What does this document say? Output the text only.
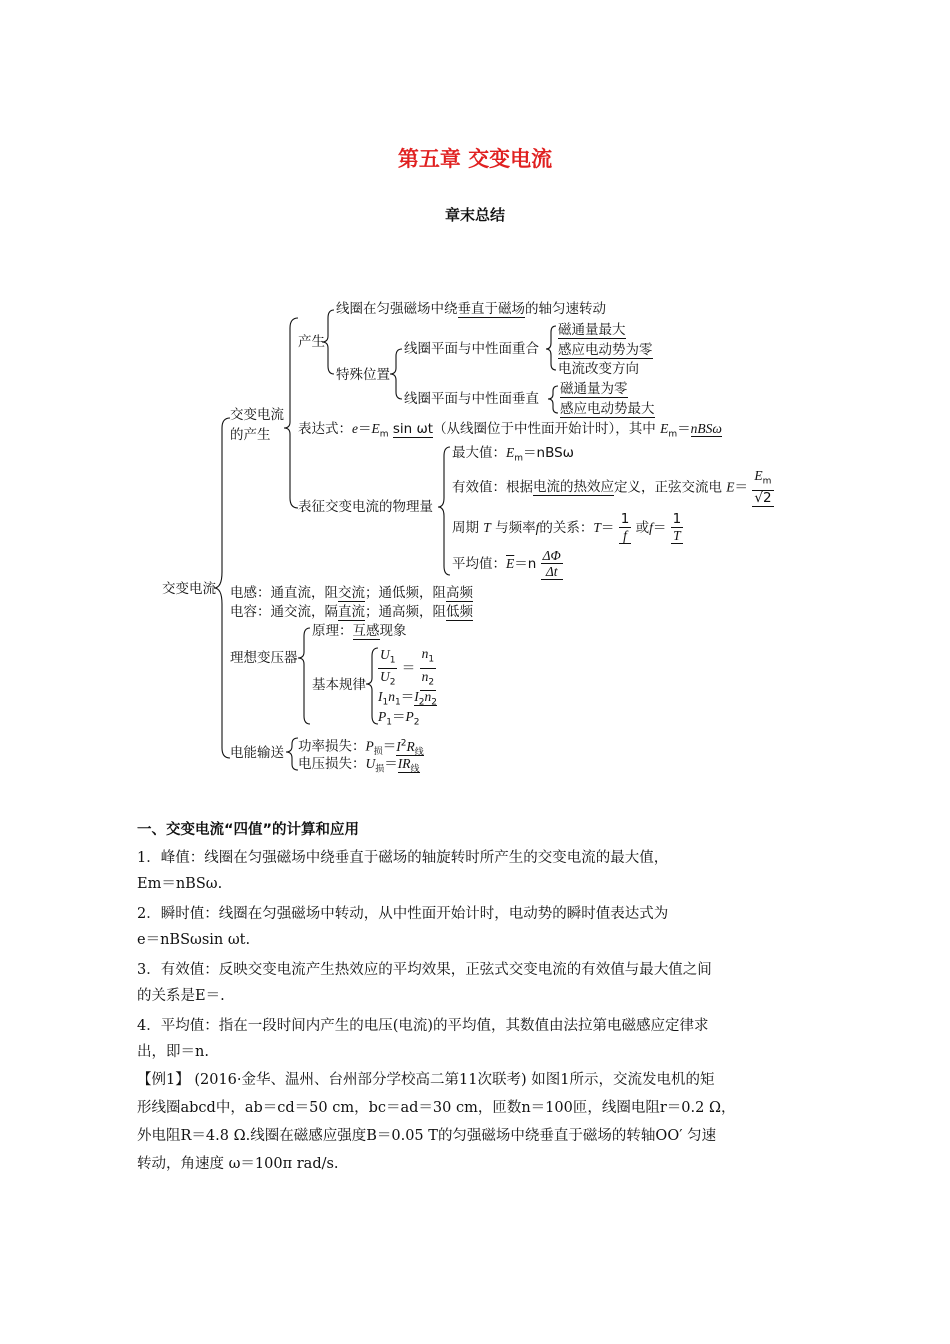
第五章 交变电流
章末总结
交变电流
交变电流
的产生
产生
线圈在匀强磁场中绕垂直于磁场的轴匀速转动
特殊位置
线圈平面与中性面重合
磁通量最大
感应电动势为零
电流改变方向
线圈平面与中性面垂直
磁通量为零
感应电动势最大
表达式：$e=E_m$ sin ωt（从线圈位于中性面开始计时），其中 $E_m=nBS\omega$
表征交变电流的物理量
最大值：$E_m=nBS\omega$
有效值：根据电流的热效应定义，正弦交流电 $E= \frac{E_m}{√2}$
周期 T 与频率f的关系：$T= \frac{1}{f}$ 或$f= \frac{1}{T}$
平均值：$\overline{E}=n \frac{\Delta\Phi}{\Delta t}$
电感：通直流，阻交流；通低频，阻高频
电容：通交流，隔直流；通高频，阻低频
理想变压器
原理：互感现象
基本规律 $\frac{U_1}{U_2} = \frac{n_1}{n_2}$
$I_1n_1=I_2n_2$
$P_1=P_2$
电能输送 功率损失：$P_损=I^2R_线$
电压损失：$U_损=IR_线$
一、交变电流“四值”的计算和应用
1．峰值：线圈在匀强磁场中绕垂直于磁场的轴旋转时所产生的交变电流的最大值，
Em＝nBSω.
2．瞬时值：线圈在匀强磁场中转动，从中性面开始计时，电动势的瞬时值表达式为
e＝nBSωsin ωt.
3．有效值：反映交变电流产生热效应的平均效果，正弦式交变电流的有效值与最大值之间
的关系是E＝.
4．平均值：指在一段时间内产生的电压(电流)的平均值，其数值由法拉第电磁感应定律求
出，即＝n.
【例1】 (2016·金华、温州、台州部分学校高二第11次联考) 如图1所示，交流发电机的矩
形线圈abcd中，ab＝cd＝50 cm，bc＝ad＝30 cm，匝数n＝100匝，线圈电阻r＝0.2 Ω，
外电阻R＝4.8 Ω.线圈在磁感应强度B＝0.05 T的匀强磁场中绕垂直于磁场的转轴OO′ 匀速
转动，角速度 ω＝100π rad/s.
